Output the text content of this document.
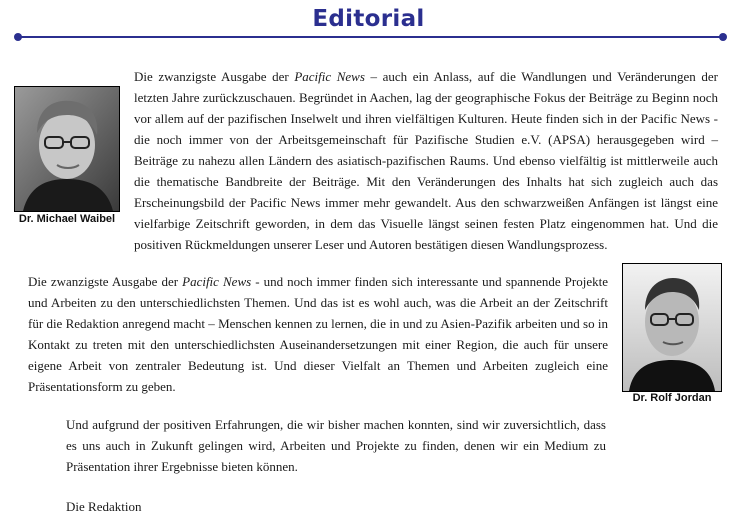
Editorial
Dr. Michael Waibel
Dr. Rolf Jordan

Die zwanzigste Ausgabe der Pacific News – auch ein Anlass, auf die Wandlungen und Veränderungen der letzten Jahre zurückzuschauen. Begründet in Aachen, lag der geographische Fokus der Beiträge zu Beginn noch vor allem auf der pazifischen Inselwelt und ihren vielfältigen Kulturen. Heute finden sich in der Pacific News - die noch immer von der Arbeitsgemeinschaft für Pazifische Studien e.V. (APSA) herausgegeben wird – Beiträge zu nahezu allen Ländern des asiatisch-pazifischen Raums. Und ebenso vielfältig ist mittlerweile auch die thematische Bandbreite der Beiträge. Mit den Veränderungen des Inhalts hat sich zugleich auch das Erscheinungsbild der Pacific News immer mehr gewandelt. Aus den schwarzweißen Anfängen ist längst eine vielfarbige Zeitschrift geworden, in dem das Visuelle längst seinen festen Platz eingenommen hat. Und die positiven Rückmeldungen unserer Leser und Autoren bestätigen diesen Wandlungsprozess.

Die zwanzigste Ausgabe der Pacific News - und noch immer finden sich interessante und spannende Projekte und Arbeiten zu den unterschiedlichsten Themen. Und das ist es wohl auch, was die Arbeit an der Zeitschrift für die Redaktion anregend macht – Menschen kennen zu lernen, die in und zu Asien-Pazifik arbeiten und so in Kontakt zu treten mit den unterschiedlichsten Auseinandersetzungen mit einer Region, die auch für unsere eigene Arbeit von zentraler Bedeutung ist. Und dieser Vielfalt an Themen und Arbeiten zugleich eine Präsentationsform zu geben.

Und aufgrund der positiven Erfahrungen, die wir bisher machen konnten, sind wir zuversichtlich, dass es uns auch in Zukunft gelingen wird, Arbeiten und Projekte zu finden, denen wir ein Medium zu Präsentation ihrer Ergebnisse bieten können.

Die Redaktion
